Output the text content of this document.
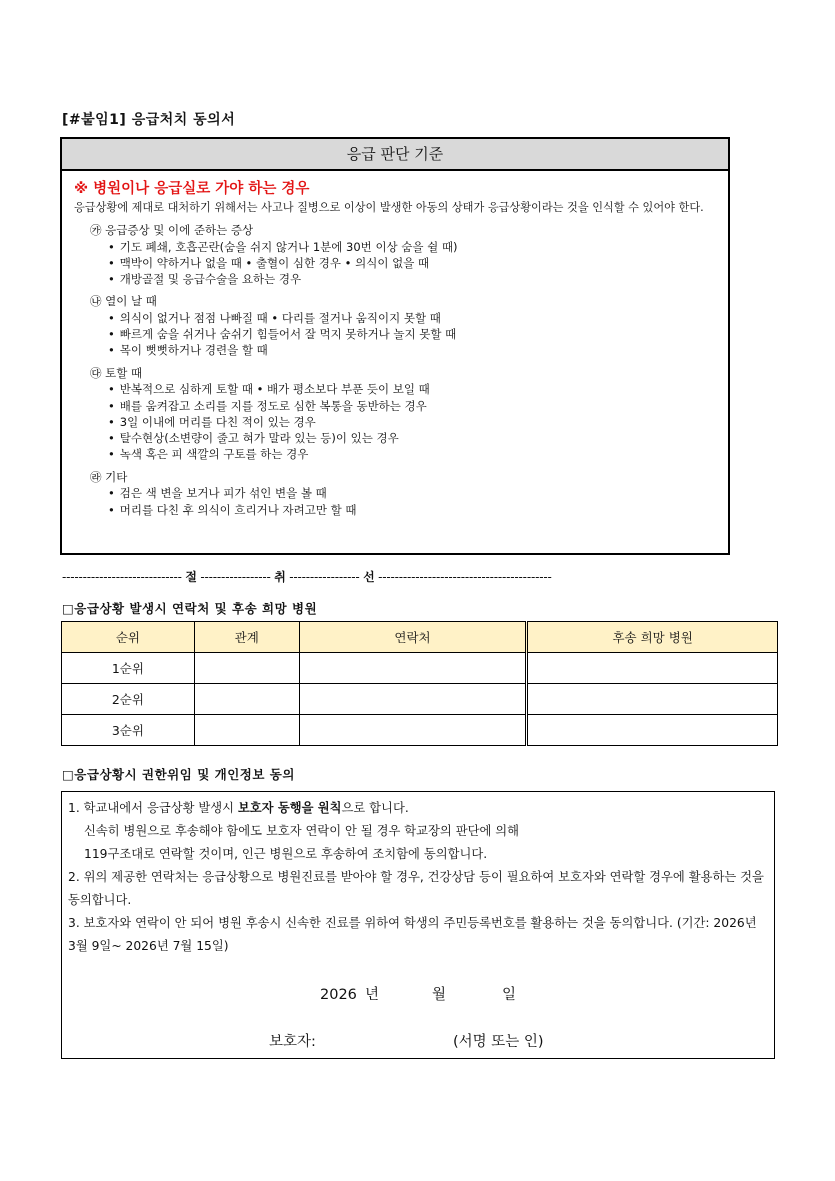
[#붙임1] 응급처치 동의서
응급 판단 기준
※ 병원이나 응급실로 가야 하는 경우
응급상황에 제대로 대처하기 위해서는 사고나 질병으로 이상이 발생한 아동의 상태가 응급상황이라는 것을 인식할 수 있어야 한다.
㉮ 응급증상 및 이에 준하는 증상
• 기도 폐쇄, 호흡곤란(숨을 쉬지 않거나 1분에 30번 이상 숨을 쉴 때)
• 맥박이 약하거나 없을 때 • 출혈이 심한 경우 • 의식이 없을 때
• 개방골절 및 응급수술을 요하는 경우
㉯ 열이 날 때
• 의식이 없거나 점점 나빠질 때 • 다리를 절거나 움직이지 못할 때
• 빠르게 숨을 쉬거나 숨쉬기 힘들어서 잘 먹지 못하거나 놀지 못할 때
• 목이 뻣뻣하거나 경련을 할 때
㉰ 토할 때
• 반복적으로 심하게 토할 때 • 배가 평소보다 부푼 듯이 보일 때
• 배를 움켜잡고 소리를 지를 정도로 심한 복통을 동반하는 경우
• 3일 이내에 머리를 다친 적이 있는 경우
• 탈수현상(소변량이 줄고 혀가 말라 있는 등)이 있는 경우
• 녹색 혹은 피 색깔의 구토를 하는 경우
㉱ 기타
• 검은 색 변을 보거나 피가 섞인 변을 볼 때
• 머리를 다친 후 의식이 흐리거나 자려고만 할 때
----------------------------- 절 ----------------- 취 ----------------- 선 ------------------------------------------
□응급상황 발생시 연락처 및 후송 희망 병원
순위	관계	연락처	후송 희망 병원
1순위			
2순위			
3순위			
□응급상황시 권한위임 및 개인정보 동의

1. 학교내에서 응급상황 발생시 보호자 동행을 원칙으로 합니다.

신속히 병원으로 후송해야 함에도 보호자 연락이 안 될 경우 학교장의 판단에 의해

119구조대로 연락할 것이며, 인근 병원으로 후송하여 조치함에 동의합니다.

2. 위의 제공한 연락처는 응급상황으로 병원진료를 받아야 할 경우, 건강상담 등이 필요하여 보호자와 연락할 경우에 활용하는 것을 동의합니다.

3. 보호자와 연락이 안 되어 병원 후송시 신속한 진료를 위하여 학생의 주민등록번호를 활용하는 것을 동의합니다. (기간: 2026년 3월 9일~ 2026년 7월 15일)

2026 년	월	일
보호자:	(서명 또는 인)
